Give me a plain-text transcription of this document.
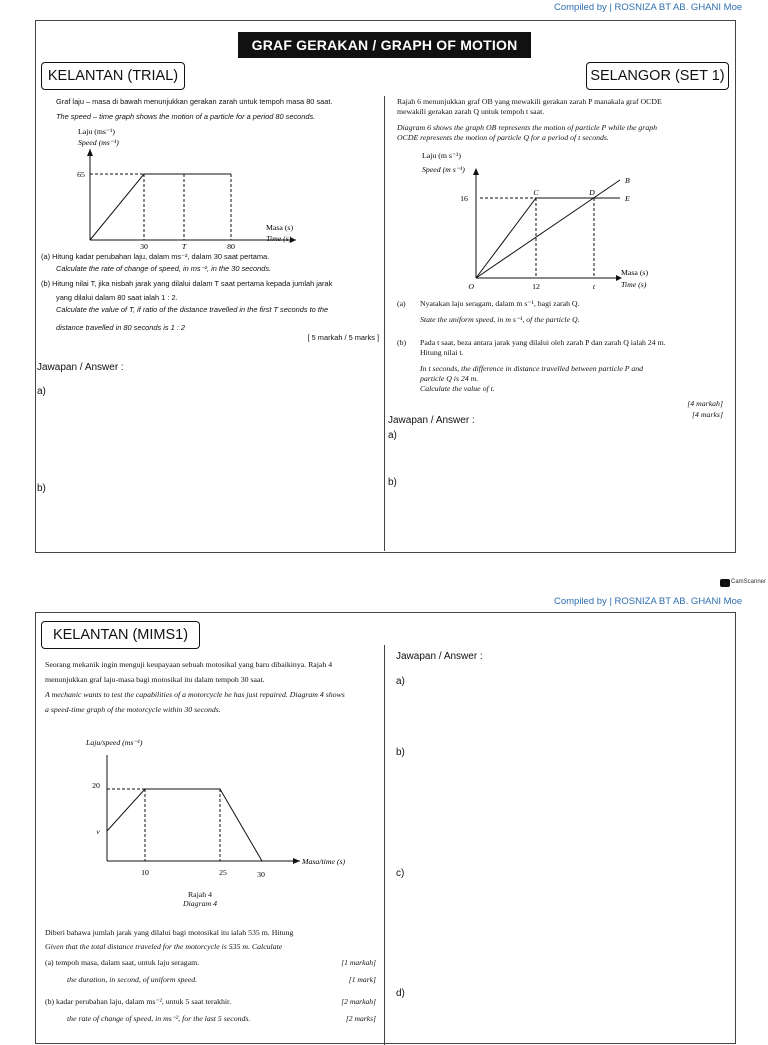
Compiled by | ROSNIZA BT AB. GHANI Moe
GRAF GERAKAN / GRAPH OF MOTION
KELANTAN (TRIAL)
Graf laju – masa di bawah menunjukkan gerakan zarah untuk tempoh masa 80 saat.
The speed – time graph shows the motion of a particle for a period 80 seconds.
Laju (ms⁻¹)
Speed (ms⁻¹)
65
30	T	80
Masa (s)
Time (s)
(a) Hitung kadar perubahan laju, dalam ms⁻², dalam 30 saat pertama.
Calculate the rate of change of speed, in ms⁻², in the 30 seconds.
(b) Hitung nilai T, jika nisbah jarak yang dilalui dalam T saat pertama kepada jumlah jarak
yang dilalui dalam 80 saat ialah 1 : 2.
Calculate the value of T, if ratio of the distance travelled in the first T seconds to the
distance travelled in 80 seconds is 1 : 2
[ 5 markah / 5 marks ]
Jawapan / Answer :
a)
b)
SELANGOR (SET 1)
Rajah 6 menunjukkan graf OB yang mewakili gerakan zarah P manakala graf OCDE
mewakili gerakan zarah Q untuk tempoh t saat.
Diagram 6 shows the graph OB represents the motion of particle P while the graph
OCDE represents the motion of particle Q for a period of t seconds.
Laju (m s⁻¹)
Speed (m s⁻¹)
16
C	D
B
E
O	12	t
Masa (s)
Time (s)
(a) Nyatakan laju seragam, dalam m s⁻¹, bagi zarah Q.
State the uniform speed, in m s⁻¹, of the particle Q.
(b) Pada t saat, beza antara jarak yang dilalui oleh zarah P dan zarah Q ialah 24 m.
Hitung nilai t.
In t seconds, the difference in distance travelled between particle P and
particle Q is 24 m.
Calculate the value of t.
[4 markah]
[4 marks]
Jawapan / Answer :
a)
b)
CamScanner
Compiled by | ROSNIZA BT AB. GHANI Moe
KELANTAN (MIMS1)
Seorang mekanik ingin menguji keupayaan sebuah motosikal yang baru dibaikinya. Rajah 4
menunjukkan graf laju-masa bagi motosikal itu dalam tempoh 30 saat.
A mechanic wants to test the capabilities of a motorcycle he has just repaired. Diagram 4 shows
a speed-time graph of the motorcycle within 30 seconds.
Laju/speed (ms⁻¹)
20
v
10	25	30
Masa/time (s)
Rajah 4
Diagram 4
Diberi bahawa jumlah jarak yang dilalui bagi motosikal itu ialah 535 m. Hitung
Given that the total distance traveled for the motorcycle is 535 m. Calculate
(a) tempoh masa, dalam saat, untuk laju seragam.	[1 markah]
the duration, in second, of uniform speed.	[1 mark]
(b) kadar perubahan laju, dalam ms⁻², untuk 5 saat terakhir.	[2 markah]
the rate of change of speed, in ms⁻², for the last 5 seconds.	[2 marks]
Jawapan / Answer :
a)
b)
c)
d)
